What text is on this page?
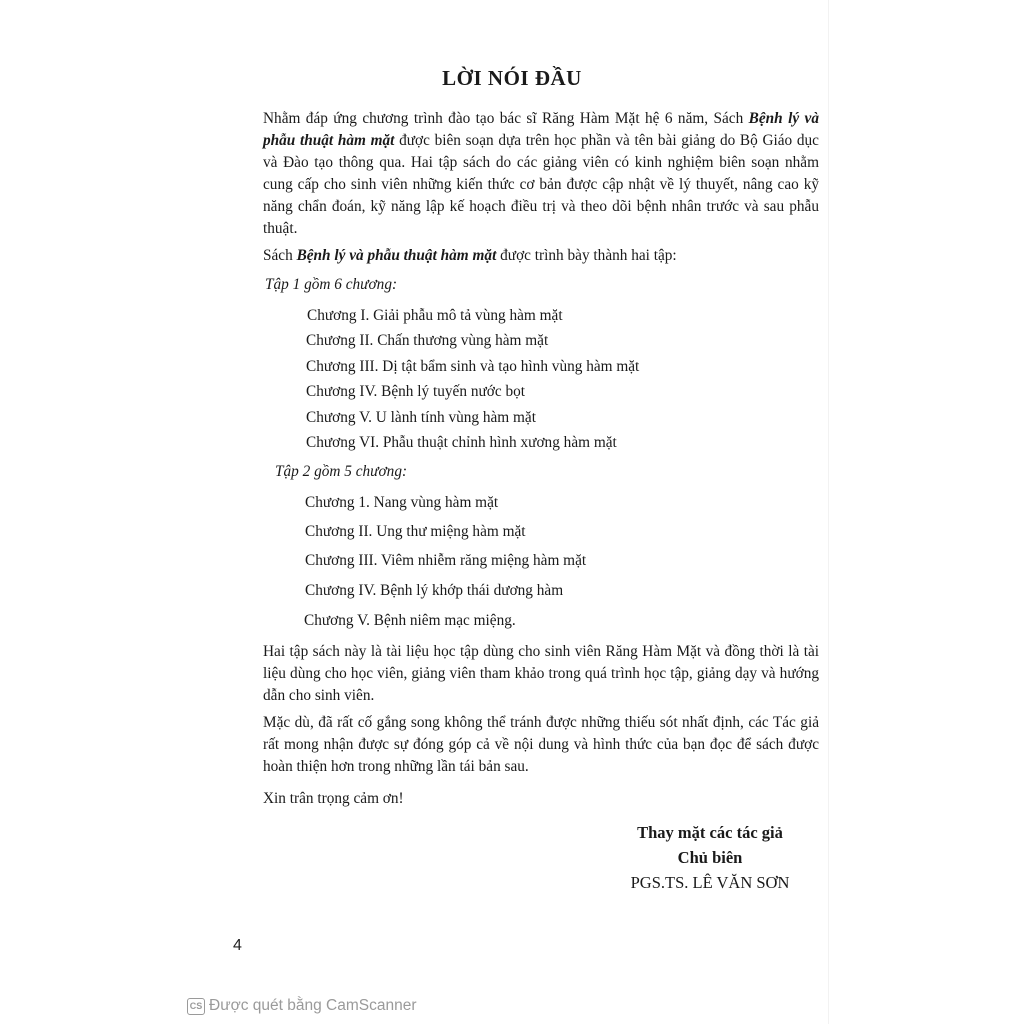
LỜI NÓI ĐẦU

Nhằm đáp ứng chương trình đào tạo bác sĩ Răng Hàm Mặt hệ 6 năm, Sách Bệnh lý và phẫu thuật hàm mặt được biên soạn dựa trên học phần và tên bài giảng do Bộ Giáo dục và Đào tạo thông qua. Hai tập sách do các giảng viên có kinh nghiệm biên soạn nhằm cung cấp cho sinh viên những kiến thức cơ bản được cập nhật về lý thuyết, nâng cao kỹ năng chẩn đoán, kỹ năng lập kế hoạch điều trị và theo dõi bệnh nhân trước và sau phẫu thuật.

Sách Bệnh lý và phẫu thuật hàm mặt được trình bày thành hai tập:

Tập 1 gồm 6 chương:

Chương I. Giải phẫu mô tả vùng hàm mặt
Chương II. Chấn thương vùng hàm mặt
Chương III. Dị tật bẩm sinh và tạo hình vùng hàm mặt
Chương IV. Bệnh lý tuyến nước bọt
Chương V. U lành tính vùng hàm mặt
Chương VI. Phẫu thuật chỉnh hình xương hàm mặt

Tập 2 gồm 5 chương:

Chương 1. Nang vùng hàm mặt
Chương II. Ung thư miệng hàm mặt
Chương III. Viêm nhiễm răng miệng hàm mặt
Chương IV. Bệnh lý khớp thái dương hàm
Chương V. Bệnh niêm mạc miệng.

Hai tập sách này là tài liệu học tập dùng cho sinh viên Răng Hàm Mặt và đồng thời là tài liệu dùng cho học viên, giảng viên tham khảo trong quá trình học tập, giảng dạy và hướng dẫn cho sinh viên.

Mặc dù, đã rất cố gắng song không thể tránh được những thiếu sót nhất định, các Tác giả rất mong nhận được sự đóng góp cả về nội dung và hình thức của bạn đọc để sách được hoàn thiện hơn trong những lần tái bản sau.

Xin trân trọng cảm ơn!

Thay mặt các tác giả
Chủ biên
PGS.TS. LÊ VĂN SƠN
4
CS Được quét bằng CamScanner
